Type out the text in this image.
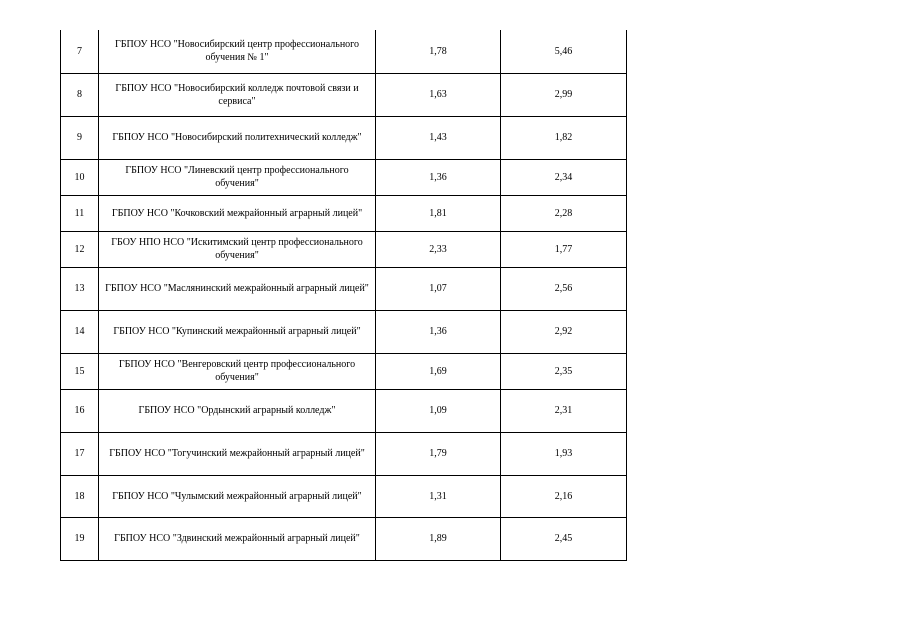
7	ГБПОУ НСО "Новосибирский центр профессионального обучения № 1"	1,78	5,46
8	ГБПОУ НСО "Новосибирский колледж почтовой связи и сервиса"	1,63	2,99
9	ГБПОУ НСО "Новосибирский политехнический колледж"	1,43	1,82
10	ГБПОУ НСО "Линевский центр профессионального обучения"	1,36	2,34
11	ГБПОУ НСО "Кочковский межрайонный аграрный лицей"	1,81	2,28
12	ГБОУ НПО НСО "Искитимский центр профессионального обучения"	2,33	1,77
13	ГБПОУ НСО "Маслянинский межрайонный аграрный лицей"	1,07	2,56
14	ГБПОУ НСО "Купинский межрайонный аграрный лицей"	1,36	2,92
15	ГБПОУ НСО "Венгеровский центр профессионального обучения"	1,69	2,35
16	ГБПОУ НСО "Ордынский аграрный колледж"	1,09	2,31
17	ГБПОУ НСО "Тогучинский межрайонный аграрный лицей"	1,79	1,93
18	ГБПОУ НСО "Чулымский межрайонный аграрный лицей"	1,31	2,16
19	ГБПОУ НСО "Здвинский межрайонный аграрный лицей"	1,89	2,45
